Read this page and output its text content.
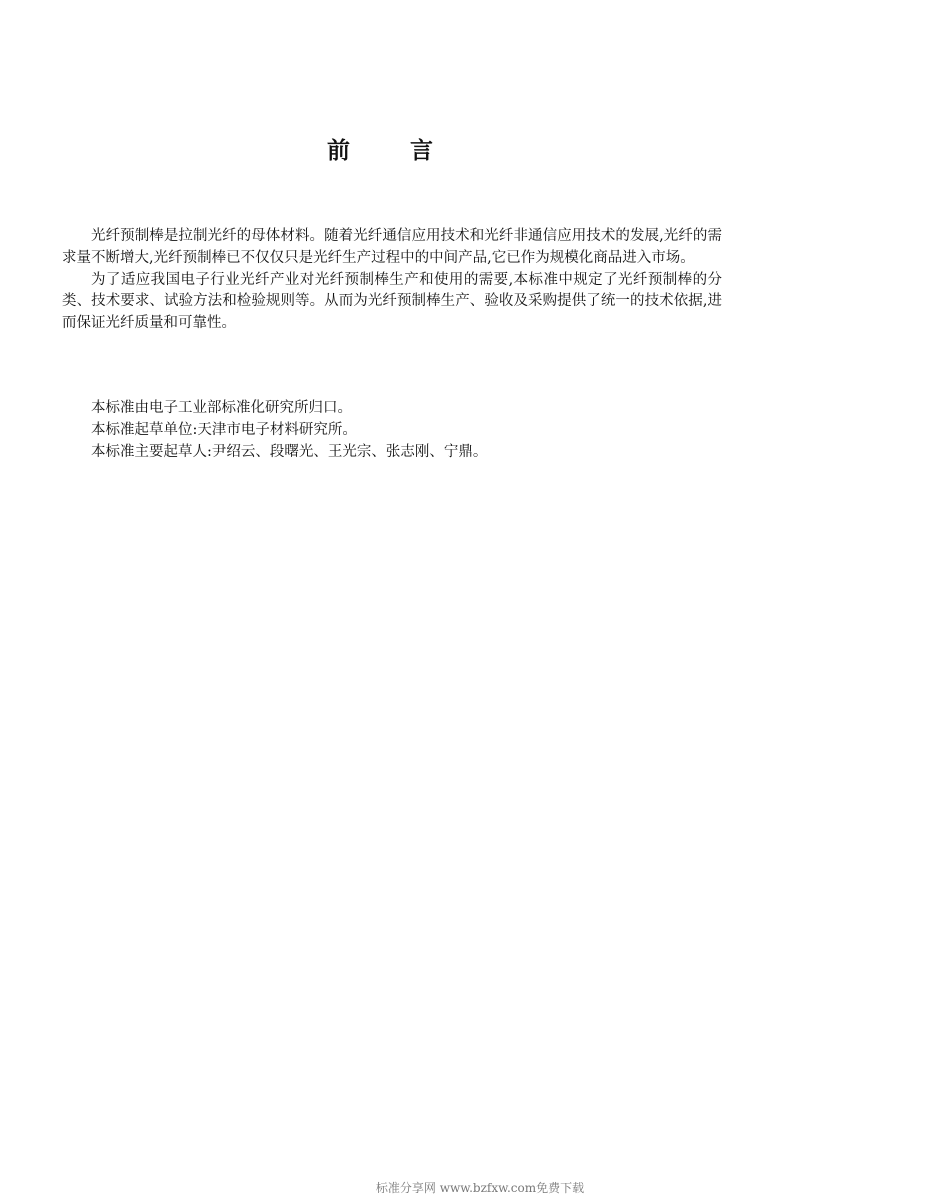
前言

光纤预制棒是拉制光纤的母体材料。随着光纤通信应用技术和光纤非通信应用技术的发展,光纤的需求量不断增大,光纤预制棒已不仅仅只是光纤生产过程中的中间产品,它已作为规模化商品进入市场。

为了适应我国电子行业光纤产业对光纤预制棒生产和使用的需要,本标准中规定了光纤预制棒的分类、技术要求、试验方法和检验规则等。从而为光纤预制棒生产、验收及采购提供了统一的技术依据,进而保证光纤质量和可靠性。

本标准由电子工业部标准化研究所归口。

本标准起草单位:天津市电子材料研究所。

本标准主要起草人:尹绍云、段曙光、王光宗、张志刚、宁鼎。

标准分享网 www.bzfxw.com免费下载
